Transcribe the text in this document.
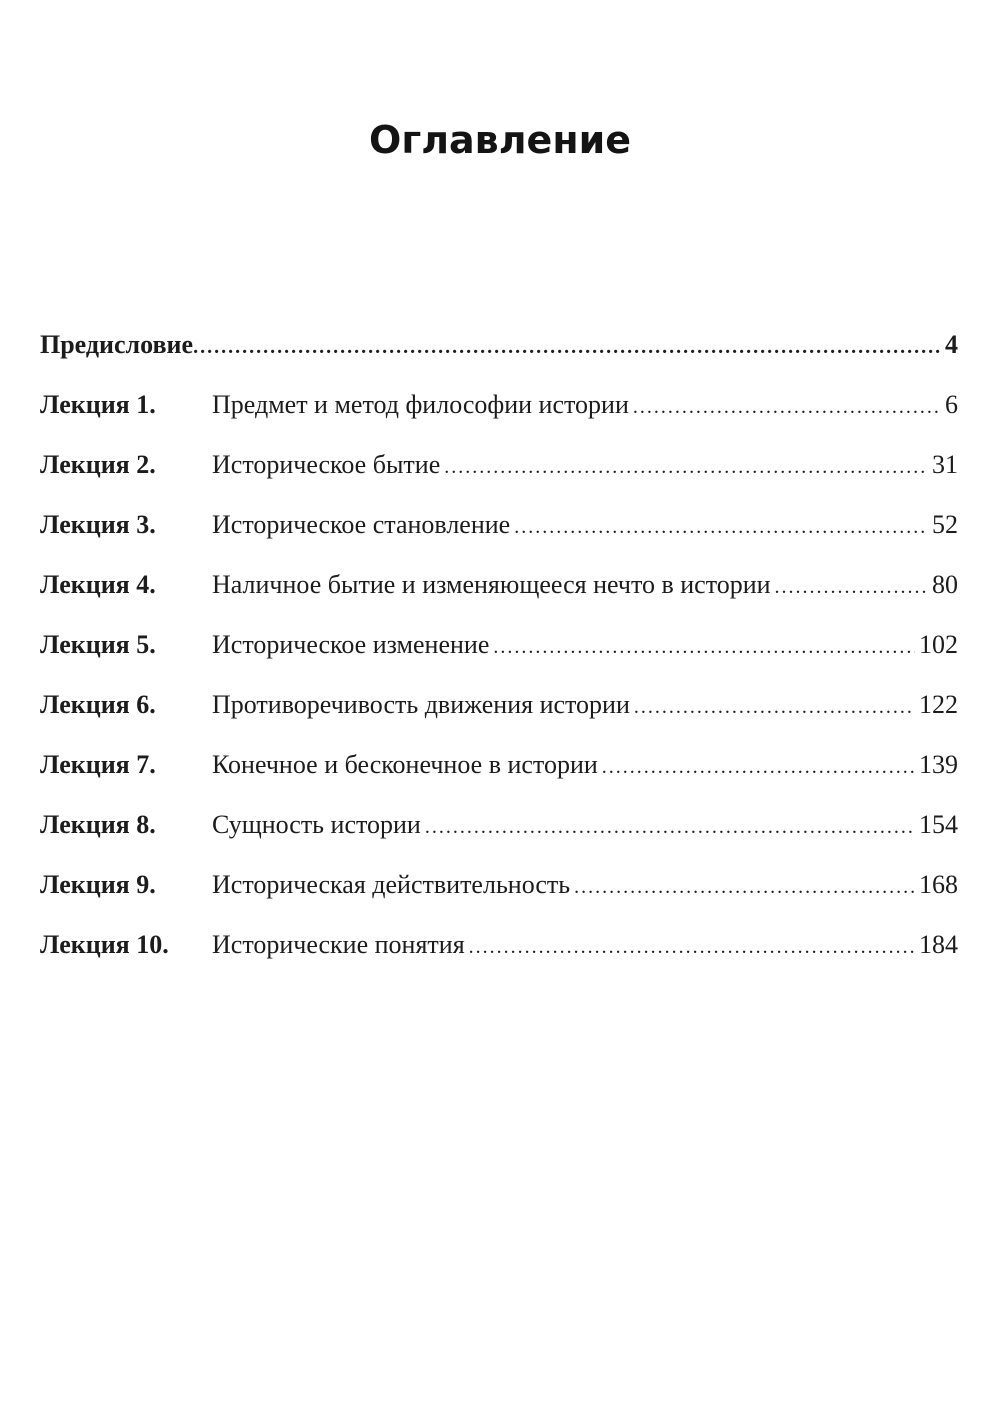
Оглавление
Предисловие .....	4
Лекция 1.	Предмет и метод философии истории .....	6
Лекция 2.	Историческое бытие .....	31
Лекция 3.	Историческое становление .....	52
Лекция 4.	Наличное бытие и изменяющееся нечто в истории .....	80
Лекция 5.	Историческое изменение .....	102
Лекция 6.	Противоречивость движения истории .....	122
Лекция 7.	Конечное и бесконечное в истории .....	139
Лекция 8.	Сущность истории .....	154
Лекция 9.	Историческая действительность .....	168
Лекция 10.	Исторические понятия .....	184
